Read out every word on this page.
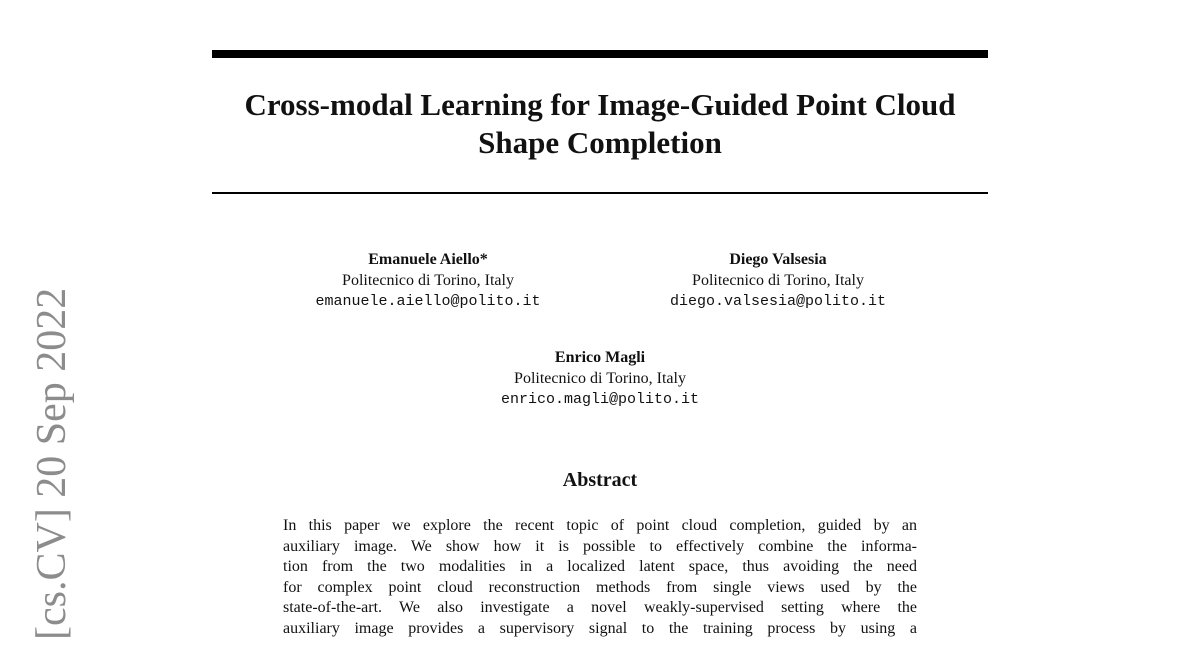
[cs.CV] 20 Sep 2022
Cross-modal Learning for Image-Guided Point Cloud
Shape Completion
Emanuele Aiello*
Politecnico di Torino, Italy
emanuele.aiello@polito.it
Diego Valsesia
Politecnico di Torino, Italy
diego.valsesia@polito.it
Enrico Magli
Politecnico di Torino, Italy
enrico.magli@polito.it
Abstract

In this paper we explore the recent topic of point cloud completion, guided by an
auxiliary image. We show how it is possible to effectively combine the informa-
tion from the two modalities in a localized latent space, thus avoiding the need
for complex point cloud reconstruction methods from single views used by the
state-of-the-art. We also investigate a novel weakly-supervised setting where the
auxiliary image provides a supervisory signal to the training process by using a
